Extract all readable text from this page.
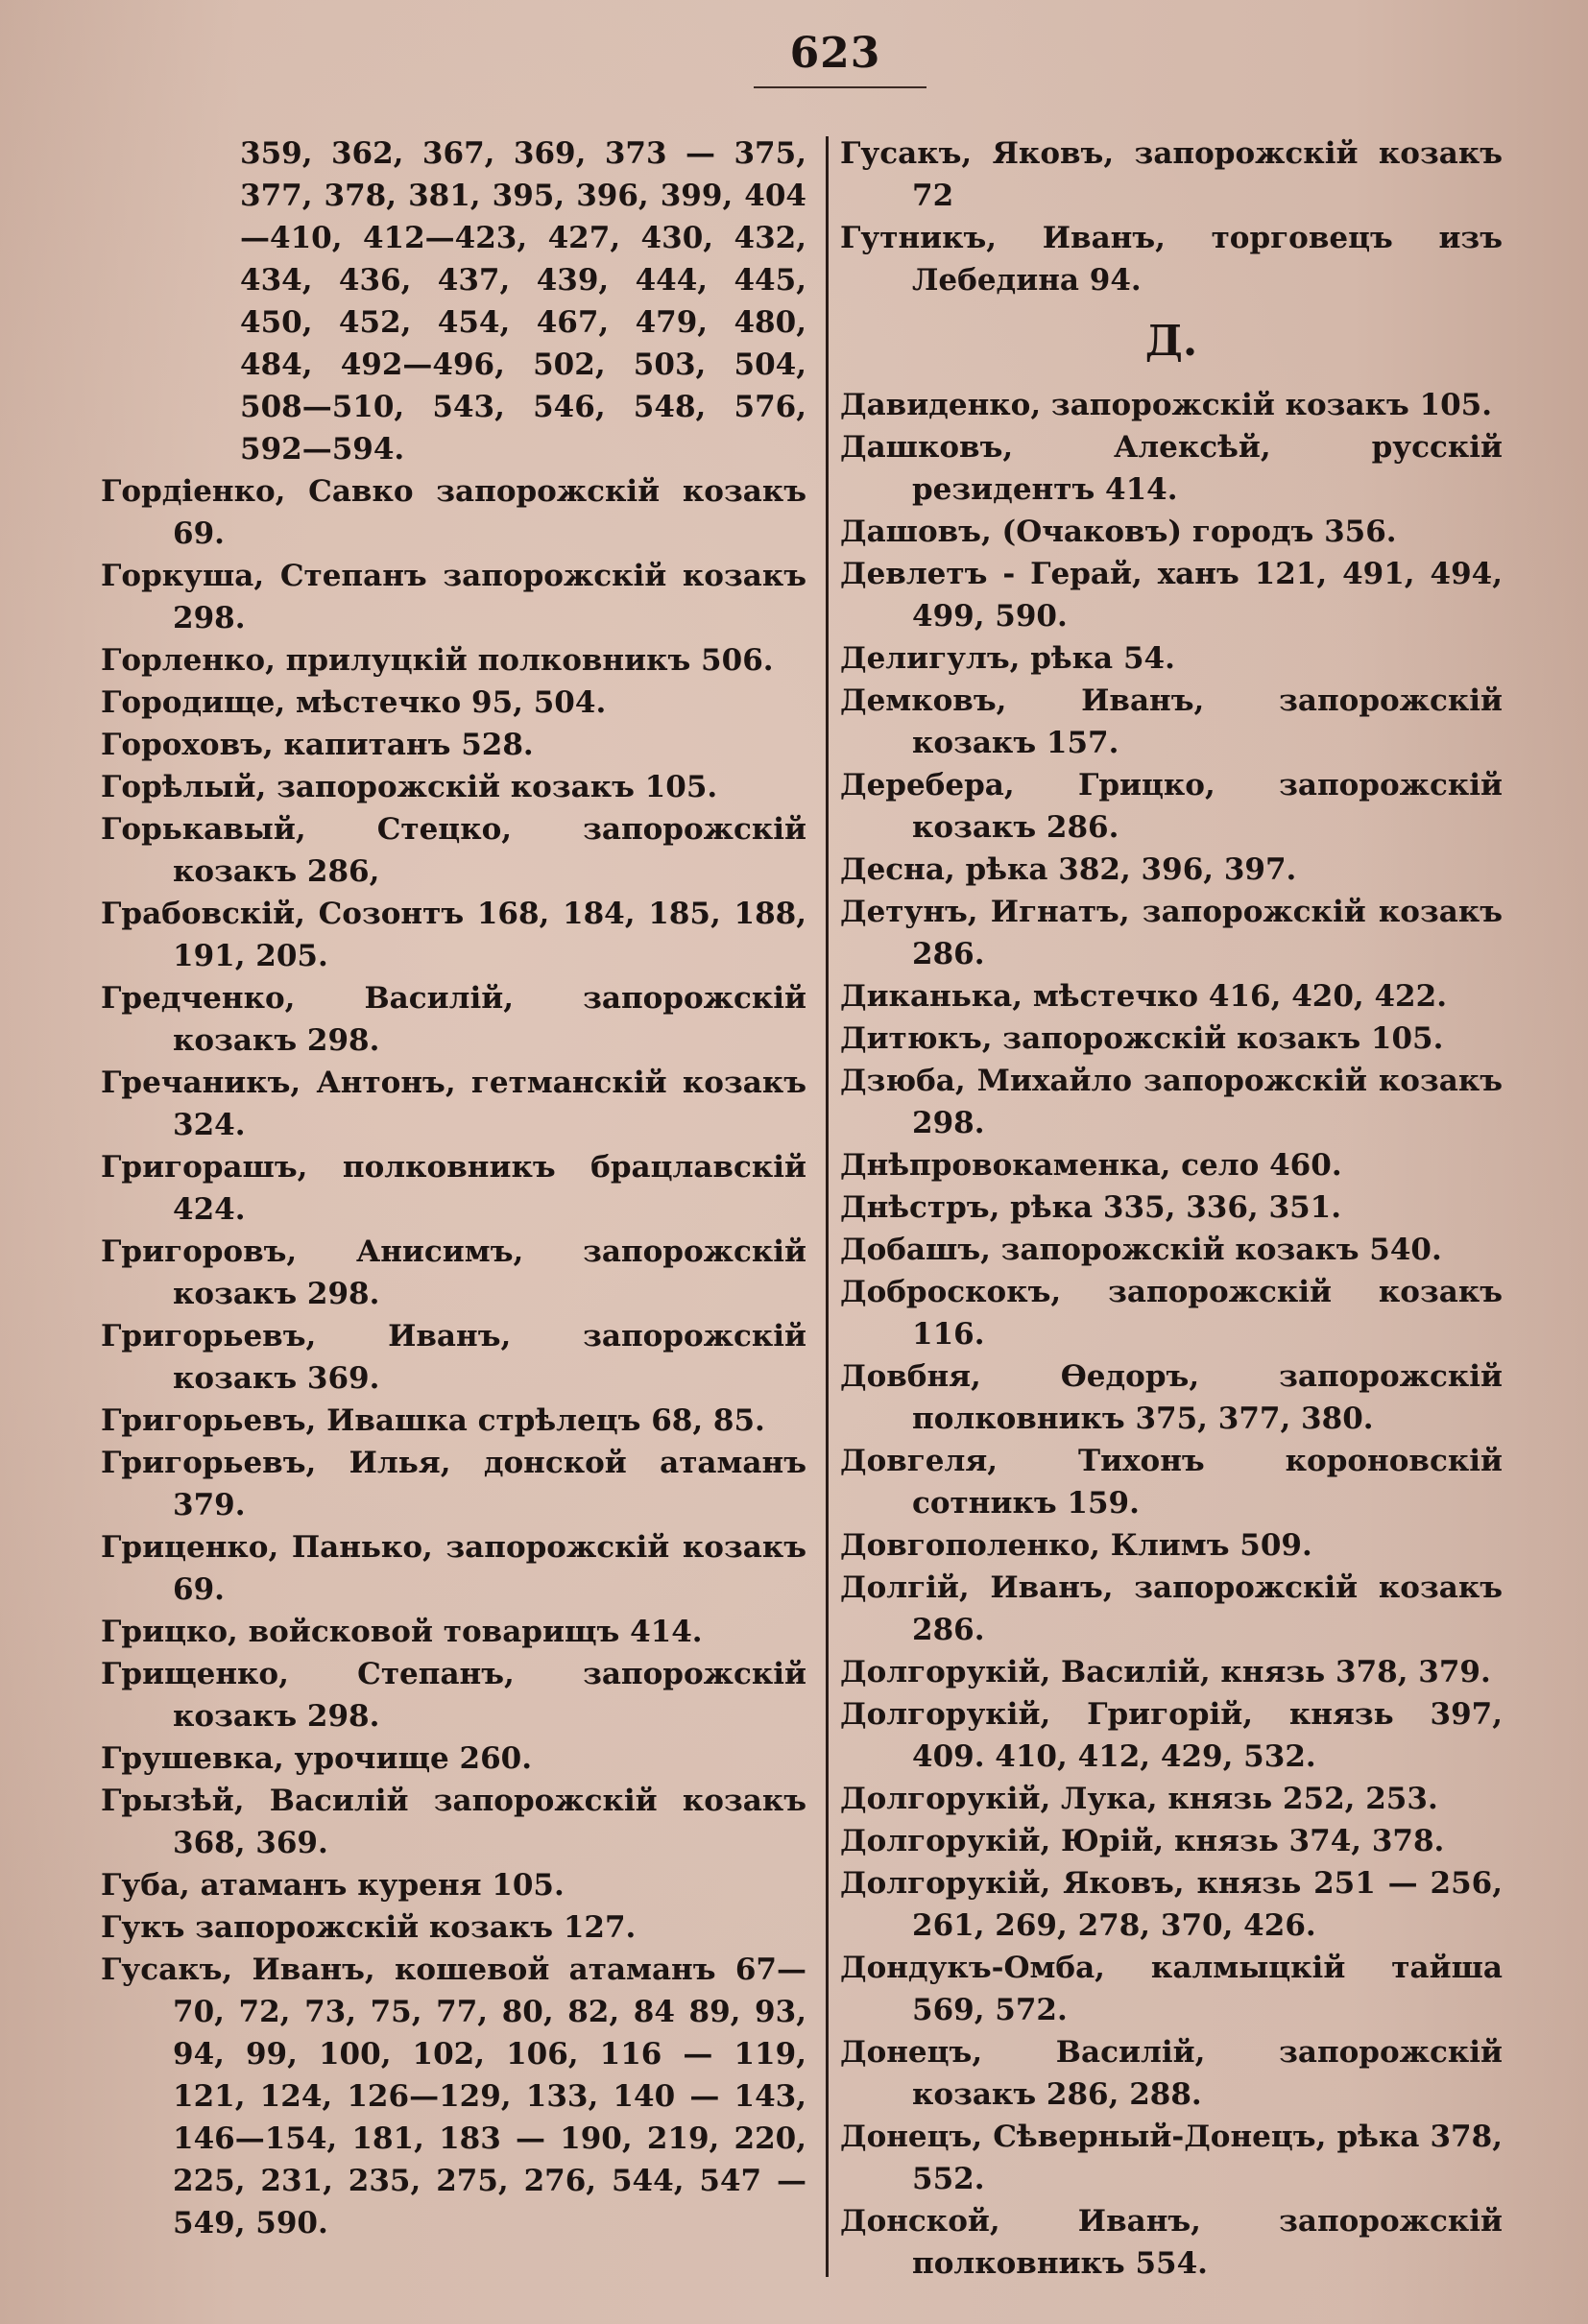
623

359, 362, 367, 369, 373 — 375, 377, 378, 381, 395, 396, 399, 404—410, 412—423, 427, 430, 432, 434, 436, 437, 439, 444, 445, 450, 452, 454, 467, 479, 480, 484, 492—496, 502, 503, 504, 508—510, 543, 546, 548, 576, 592—594.

Гордіенко, Савко запорожскій козакъ 69.

Горкуша, Степанъ запорожскій козакъ 298.

Горленко, прилуцкій полковникъ 506.

Городище, мѣстечко 95, 504.

Гороховъ, капитанъ 528.

Горѣлый, запорожскій козакъ 105.

Горькавый, Стецко, запорожскій козакъ 286,

Грабовскій, Созонтъ 168, 184, 185, 188, 191, 205.

Гредченко, Василій, запорожскій козакъ 298.

Гречаникъ, Антонъ, гетманскій козакъ 324.

Григорашъ, полковникъ брацлавскій 424.

Григоровъ, Анисимъ, запорожскій козакъ 298.

Григорьевъ, Иванъ, запорожскій козакъ 369.

Григорьевъ, Ивашка стрѣлецъ 68, 85.

Григорьевъ, Илья, донской атаманъ 379.

Гриценко, Панько, запорожскій козакъ 69.

Грицко, войсковой товарищъ 414.

Грищенко, Степанъ, запорожскій козакъ 298.

Грушевка, урочище 260.

Грызѣй, Василій запорожскій козакъ 368, 369.

Губа, атаманъ куреня 105.

Гукъ запорожскій козакъ 127.

Гусакъ, Иванъ, кошевой атаманъ 67—70, 72, 73, 75, 77, 80, 82, 84 89, 93, 94, 99, 100, 102, 106, 116 — 119, 121, 124, 126—129, 133, 140 — 143, 146—154, 181, 183 — 190, 219, 220, 225, 231, 235, 275, 276, 544, 547 — 549, 590.

Гусакъ, Яковъ, запорожскій козакъ 72

Гутникъ, Иванъ, торговецъ изъ Лебедина 94.

Д.

Давиденко, запорожскій козакъ 105.

Дашковъ, Алексѣй, русскій резидентъ 414.

Дашовъ, (Очаковъ) городъ 356.

Девлетъ - Герай, ханъ 121, 491, 494, 499, 590.

Делигулъ, рѣка 54.

Демковъ, Иванъ, запорожскій козакъ 157.

Деребера, Грицко, запорожскій козакъ 286.

Десна, рѣка 382, 396, 397.

Детунъ, Игнатъ, запорожскій козакъ 286.

Диканька, мѣстечко 416, 420, 422.

Дитюкъ, запорожскій козакъ 105.

Дзюба, Михайло запорожскій козакъ 298.

Днѣпровокаменка, село 460.

Днѣстръ, рѣка 335, 336, 351.

Добашъ, запорожскій козакъ 540.

Доброскокъ, запорожскій козакъ 116.

Довбня, Ѳедоръ, запорожскій полковникъ 375, 377, 380.

Довгеля, Тихонъ короновскій сотникъ 159.

Довгополенко, Климъ 509.

Долгій, Иванъ, запорожскій козакъ 286.

Долгорукій, Василій, князь 378, 379.

Долгорукій, Григорій, князь 397, 409. 410, 412, 429, 532.

Долгорукій, Лука, князь 252, 253.

Долгорукій, Юрій, князь 374, 378.

Долгорукій, Яковъ, князь 251 — 256, 261, 269, 278, 370, 426.

Дондукъ-Омба, калмыцкій тайша 569, 572.

Донецъ, Василій, запорожскій козакъ 286, 288.

Донецъ, Сѣверный-Донецъ, рѣка 378, 552.

Донской, Иванъ, запорожскій полковникъ 554.
